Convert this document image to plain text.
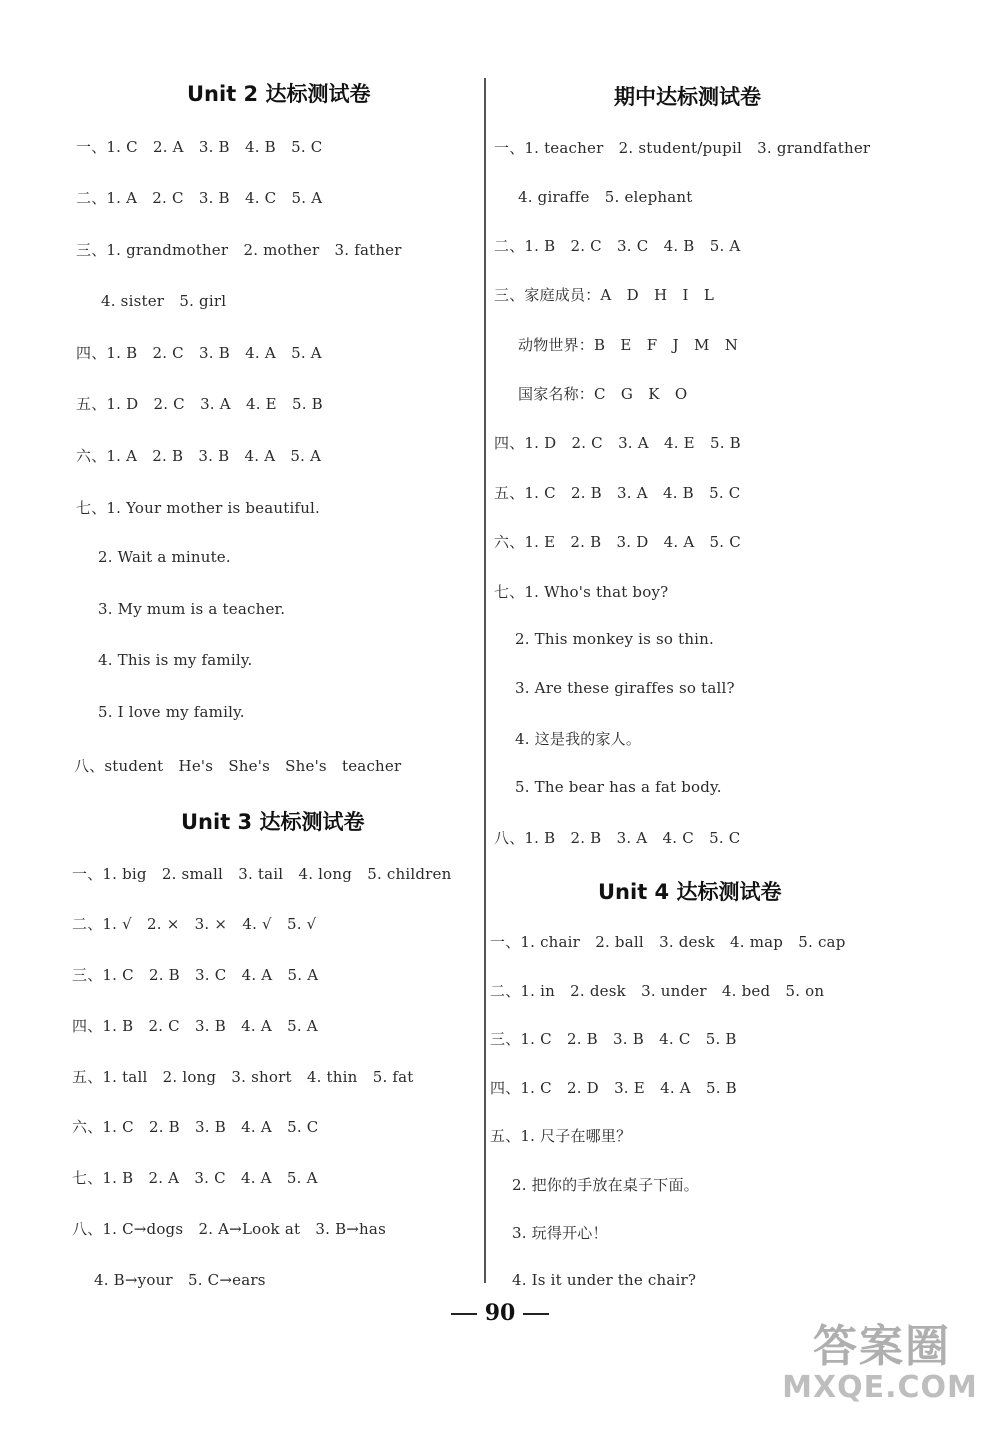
Unit 2 达标测试卷
一、1. C　2. A　3. B　4. B　5. C
二、1. A　2. C　3. B　4. C　5. A
三、1. grandmother　2. mother　3. father
4. sister　5. girl
四、1. B　2. C　3. B　4. A　5. A
五、1. D　2. C　3. A　4. E　5. B
六、1. A　2. B　3. B　4. A　5. A
七、1. Your mother is beautiful.
2. Wait a minute.
3. My mum is a teacher.
4. This is my family.
5. I love my family.
八、student　He's　She's　She's　teacher
Unit 3 达标测试卷
一、1. big　2. small　3. tail　4. long　5. children
二、1. √　2. ×　3. ×　4. √　5. √
三、1. C　2. B　3. C　4. A　5. A
四、1. B　2. C　3. B　4. A　5. A
五、1. tall　2. long　3. short　4. thin　5. fat
六、1. C　2. B　3. B　4. A　5. C
七、1. B　2. A　3. C　4. A　5. A
八、1. C→dogs　2. A→Look at　3. B→has
4. B→your　5. C→ears
期中达标测试卷
一、1. teacher　2. student/pupil　3. grandfather
4. giraffe　5. elephant
二、1. B　2. C　3. C　4. B　5. A
三、家庭成员：A　D　H　I　L
动物世界：B　E　F　J　M　N
国家名称：C　G　K　O
四、1. D　2. C　3. A　4. E　5. B
五、1. C　2. B　3. A　4. B　5. C
六、1. E　2. B　3. D　4. A　5. C
七、1. Who's that boy?
2. This monkey is so thin.
3. Are these giraffes so tall?
4. 这是我的家人。
5. The bear has a fat body.
八、1. B　2. B　3. A　4. C　5. C
Unit 4 达标测试卷
一、1. chair　2. ball　3. desk　4. map　5. cap
二、1. in　2. desk　3. under　4. bed　5. on
三、1. C　2. B　3. B　4. C　5. B
四、1. C　2. D　3. E　4. A　5. B
五、1. 尺子在哪里？
2. 把你的手放在桌子下面。
3. 玩得开心！
4. Is it under the chair?
90
答案圈
MXQE.COM
